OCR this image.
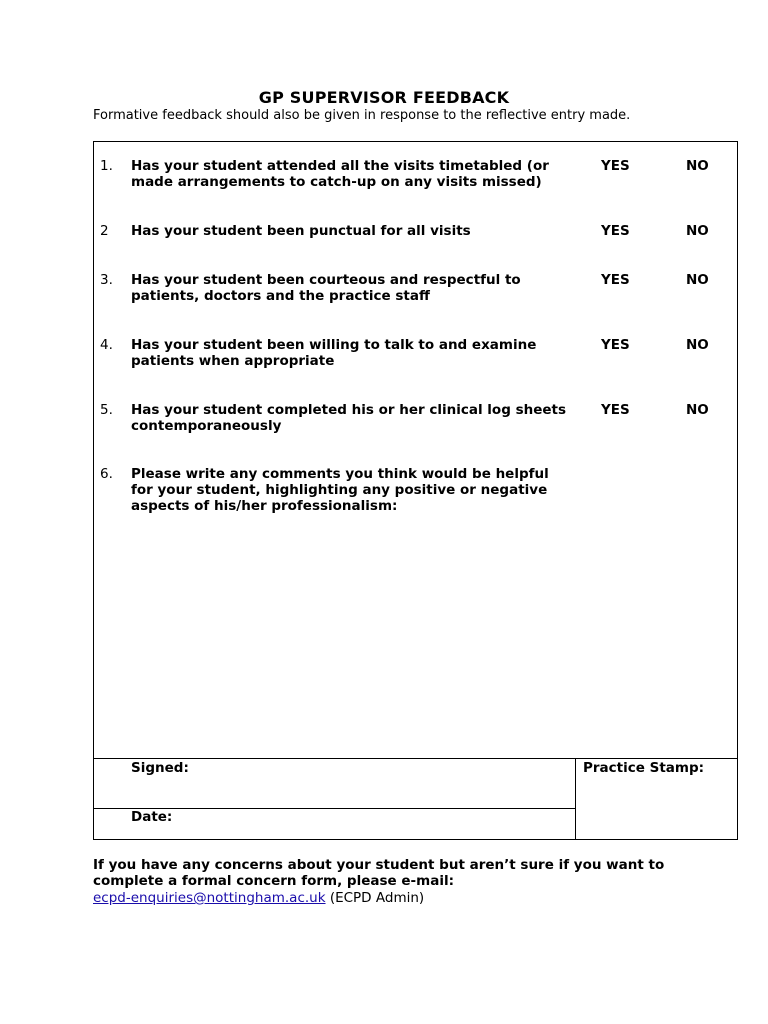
GP SUPERVISOR FEEDBACK
Formative feedback should also be given in response to the reflective entry made.
1. Has your student attended all the visits timetabled (or made arrangements to catch-up on any visits missed)
YES	NO
2 Has your student been punctual for all visits	YES	NO
3. Has your student been courteous and respectful to patients, doctors and the practice staff
YES	NO
4. Has your student been willing to talk to and examine patients when appropriate
YES	NO
5. Has your student completed his or her clinical log sheets contemporaneously
YES	NO
6. Please write any comments you think would be helpful for your student, highlighting any positive or negative aspects of his/her professionalism:
Signed:
Date:
Practice Stamp:
If you have any concerns about your student but aren’t sure if you want to complete a formal concern form, please e-mail:
ecpd-enquiries@nottingham.ac.uk (ECPD Admin)
